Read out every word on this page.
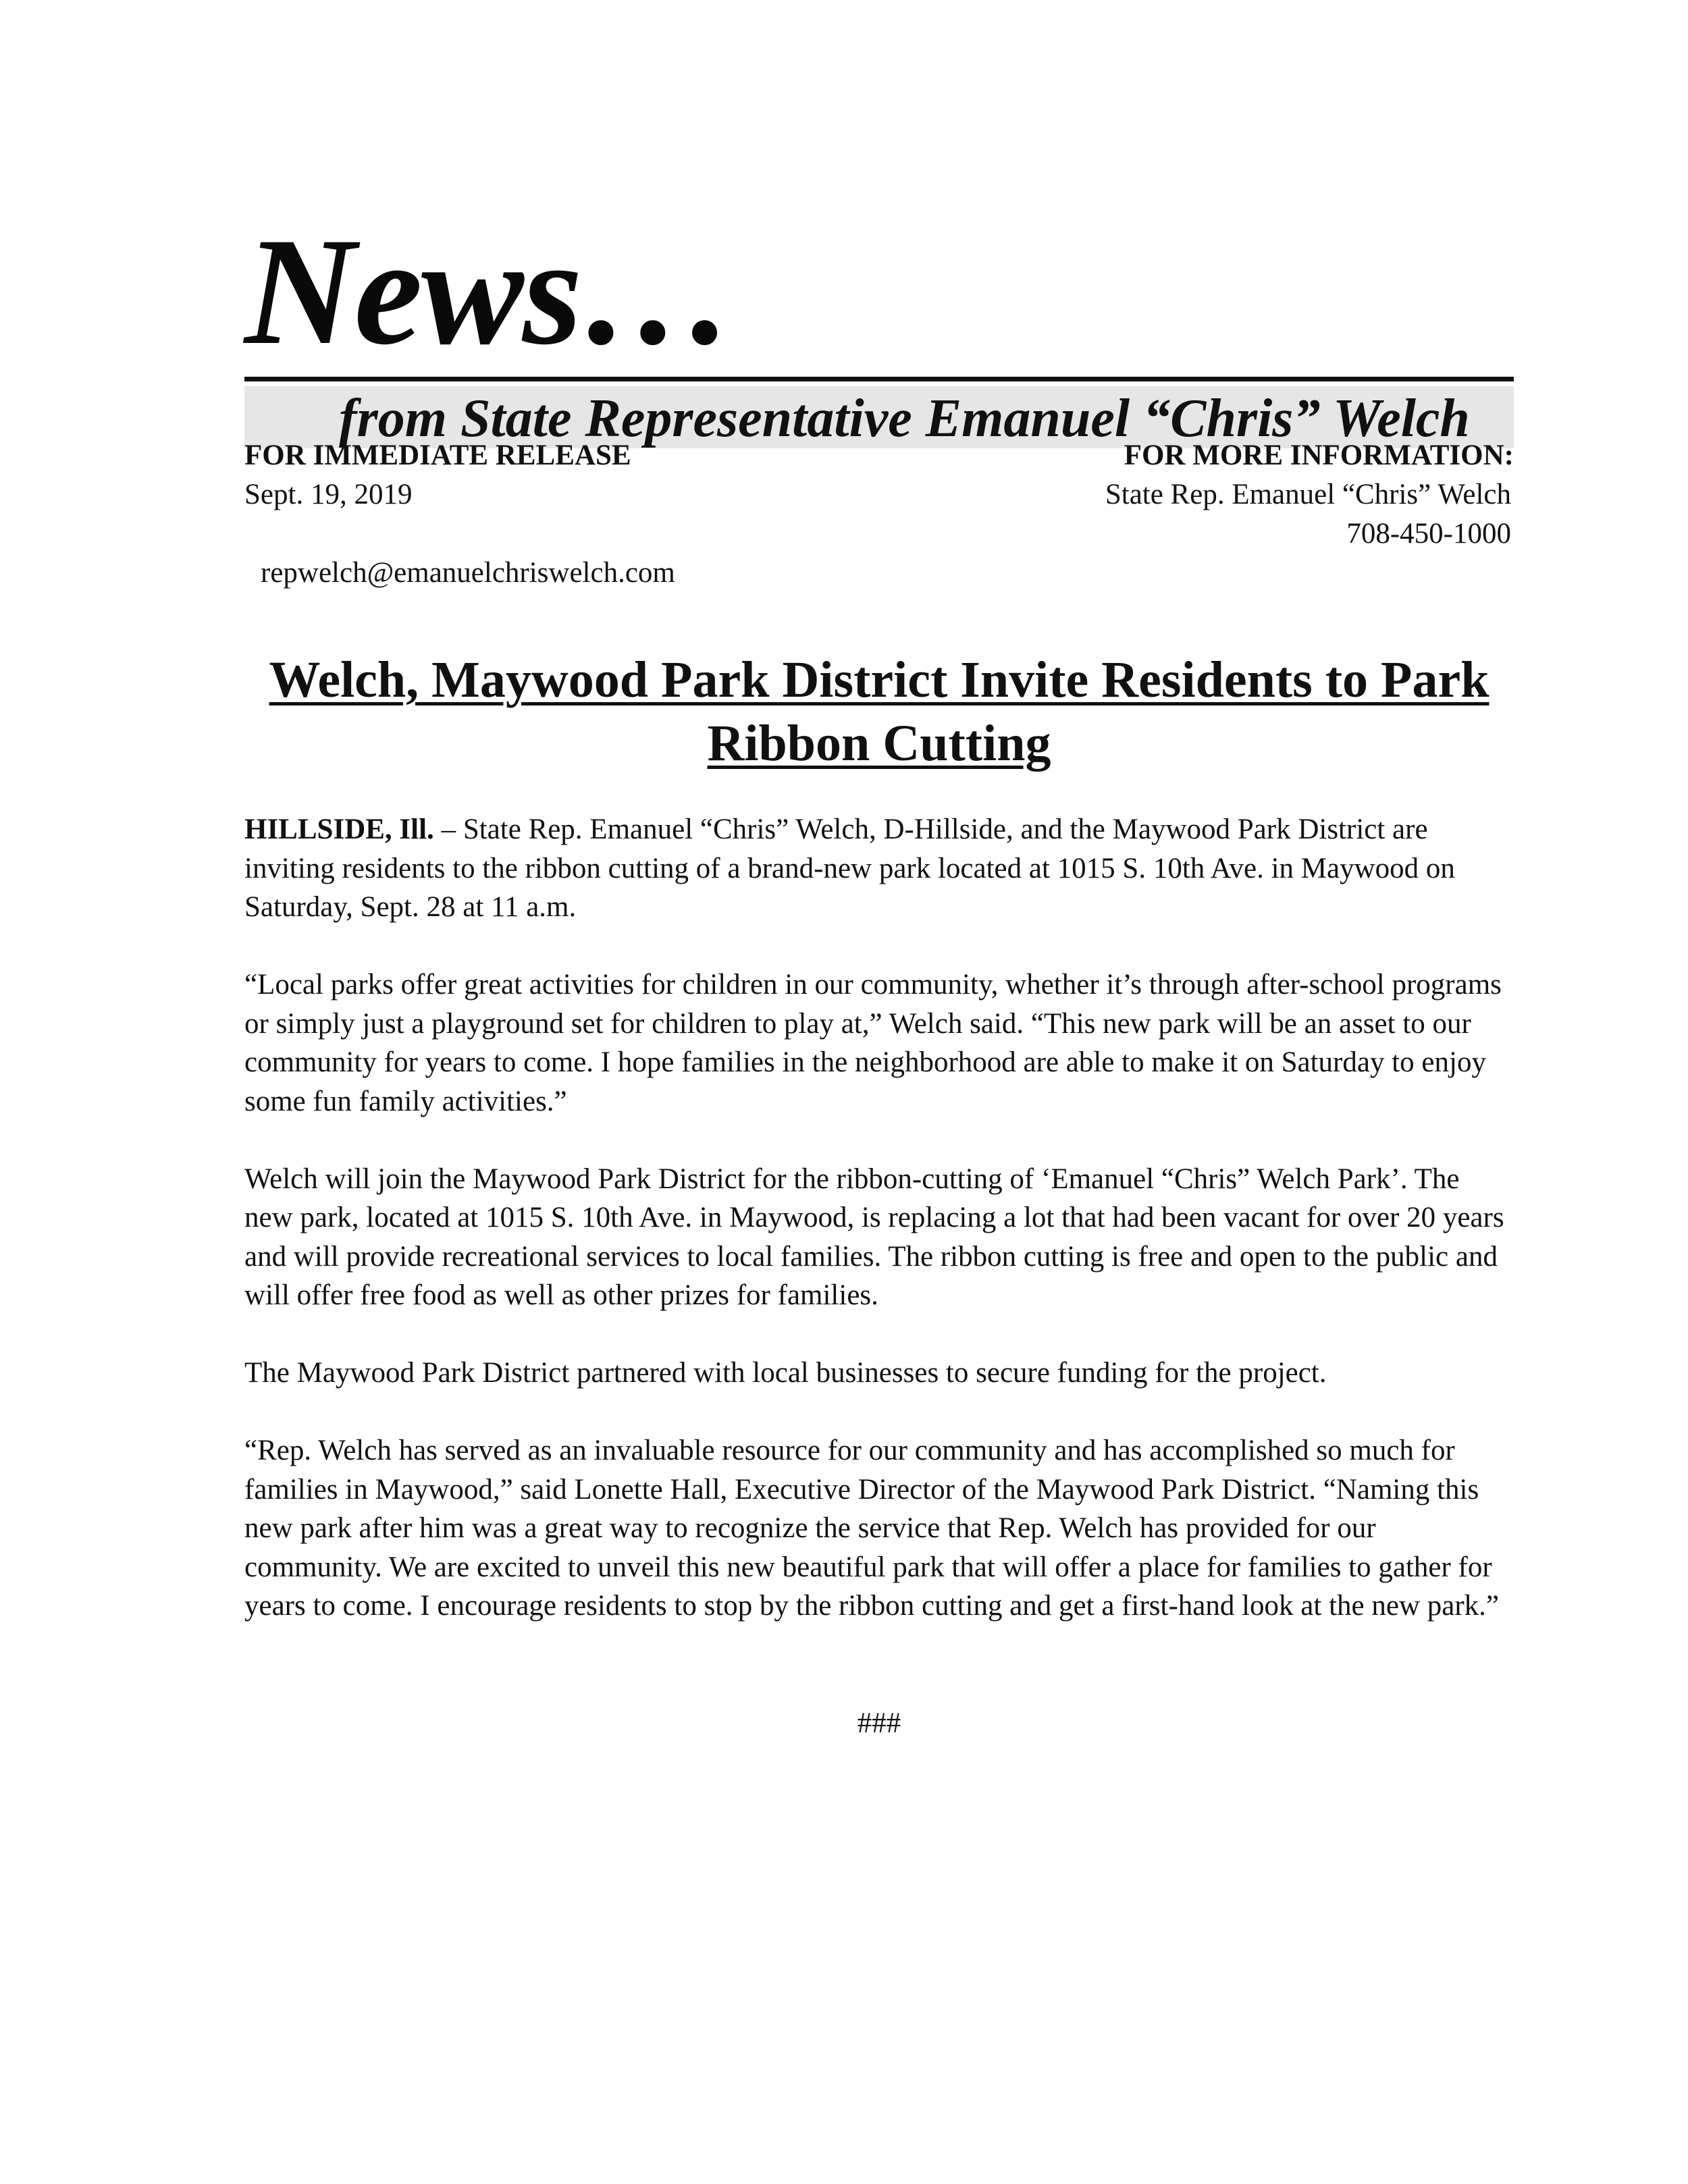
News…
from State Representative Emanuel “Chris” Welch
FOR IMMEDIATE RELEASE
Sept. 19, 2019
FOR MORE INFORMATION:
State Rep. Emanuel “Chris” Welch
708-450-1000
repwelch@emanuelchriswelch.com
Welch, Maywood Park District Invite Residents to Park Ribbon Cutting

HILLSIDE, Ill. – State Rep. Emanuel “Chris” Welch, D-Hillside, and the Maywood Park District are inviting residents to the ribbon cutting of a brand-new park located at 1015 S. 10th Ave. in Maywood on Saturday, Sept. 28 at 11 a.m.

“Local parks offer great activities for children in our community, whether it’s through after-school programs or simply just a playground set for children to play at,” Welch said. “This new park will be an asset to our community for years to come. I hope families in the neighborhood are able to make it on Saturday to enjoy some fun family activities.”

Welch will join the Maywood Park District for the ribbon-cutting of ‘Emanuel “Chris” Welch Park’. The new park, located at 1015 S. 10th Ave. in Maywood, is replacing a lot that had been vacant for over 20 years and will provide recreational services to local families. The ribbon cutting is free and open to the public and will offer free food as well as other prizes for families.

The Maywood Park District partnered with local businesses to secure funding for the project.

“Rep. Welch has served as an invaluable resource for our community and has accomplished so much for families in Maywood,” said Lonette Hall, Executive Director of the Maywood Park District. “Naming this new park after him was a great way to recognize the service that Rep. Welch has provided for our community. We are excited to unveil this new beautiful park that will offer a place for families to gather for years to come. I encourage residents to stop by the ribbon cutting and get a first-hand look at the new park.”

###
